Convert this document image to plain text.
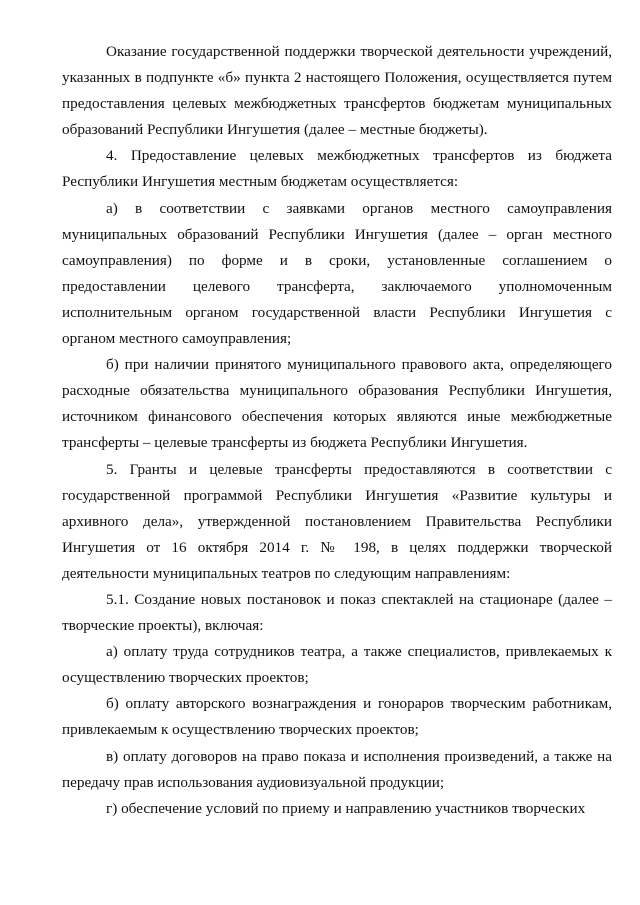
Оказание государственной поддержки творческой деятельности учреждений, указанных в подпункте «б» пункта 2 настоящего Положения, осуществляется путем предоставления целевых межбюджетных трансфертов бюджетам муниципальных образований Республики Ингушетия (далее – местные бюджеты).

4. Предоставление целевых межбюджетных трансфертов из бюджета Республики Ингушетия местным бюджетам осуществляется:

а) в соответствии с заявками органов местного самоуправления муниципальных образований Республики Ингушетия (далее – орган местного самоуправления) по форме и в сроки, установленные соглашением о предоставлении целевого трансферта, заключаемого уполномоченным исполнительным органом государственной власти Республики Ингушетия с органом местного самоуправления;

б) при наличии принятого муниципального правового акта, определяющего расходные обязательства муниципального образования Республики Ингушетия, источником финансового обеспечения которых являются иные межбюджетные трансферты – целевые трансферты из бюджета Республики Ингушетия.

5. Гранты и целевые трансферты предоставляются в соответствии с государственной программой Республики Ингушетия «Развитие культуры и архивного дела», утвержденной постановлением Правительства Республики Ингушетия от 16 октября 2014 г. № 198, в целях поддержки творческой деятельности муниципальных театров по следующим направлениям:

5.1. Создание новых постановок и показ спектаклей на стационаре (далее – творческие проекты), включая:

а) оплату труда сотрудников театра, а также специалистов, привлекаемых к осуществлению творческих проектов;

б) оплату авторского вознаграждения и гонораров творческим работникам, привлекаемым к осуществлению творческих проектов;

в) оплату договоров на право показа и исполнения произведений, а также на передачу прав использования аудиовизуальной продукции;

г) обеспечение условий по приему и направлению участников творческих
